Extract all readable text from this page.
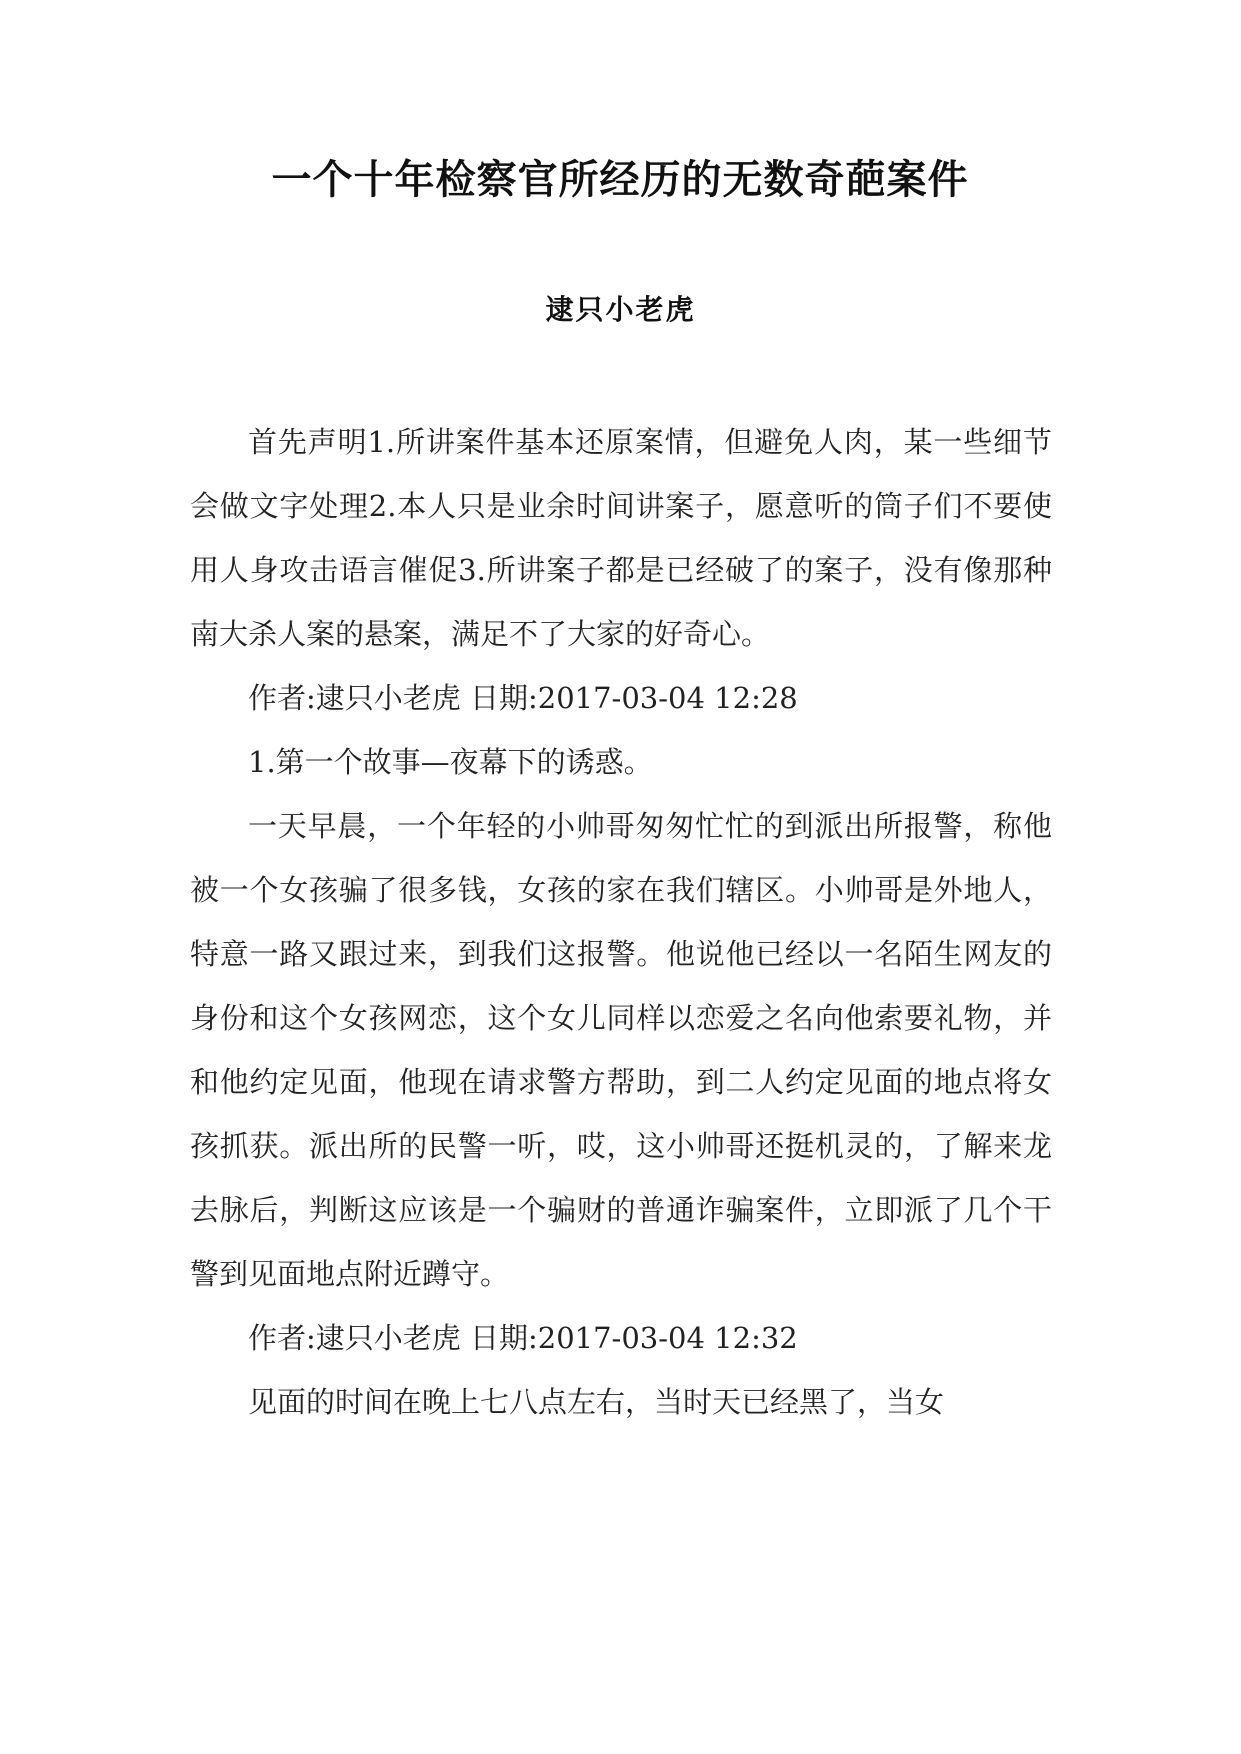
一个十年检察官所经历的无数奇葩案件
逮只小老虎

首先声明1.所讲案件基本还原案情，但避免人肉，某一些细节会做文字处理2.本人只是业余时间讲案子，愿意听的筒子们不要使用人身攻击语言催促3.所讲案子都是已经破了的案子，没有像那种南大杀人案的悬案，满足不了大家的好奇心。

作者:逮只小老虎 日期:2017-03-04 12:28

1.第一个故事—夜幕下的诱惑。

一天早晨，一个年轻的小帅哥匆匆忙忙的到派出所报警，称他被一个女孩骗了很多钱，女孩的家在我们辖区。小帅哥是外地人，特意一路又跟过来，到我们这报警。他说他已经以一名陌生网友的身份和这个女孩网恋，这个女儿同样以恋爱之名向他索要礼物，并和他约定见面，他现在请求警方帮助，到二人约定见面的地点将女孩抓获。派出所的民警一听，哎，这小帅哥还挺机灵的，了解来龙去脉后，判断这应该是一个骗财的普通诈骗案件，立即派了几个干警到见面地点附近蹲守。

作者:逮只小老虎 日期:2017-03-04 12:32

见面的时间在晚上七八点左右，当时天已经黑了，当女
